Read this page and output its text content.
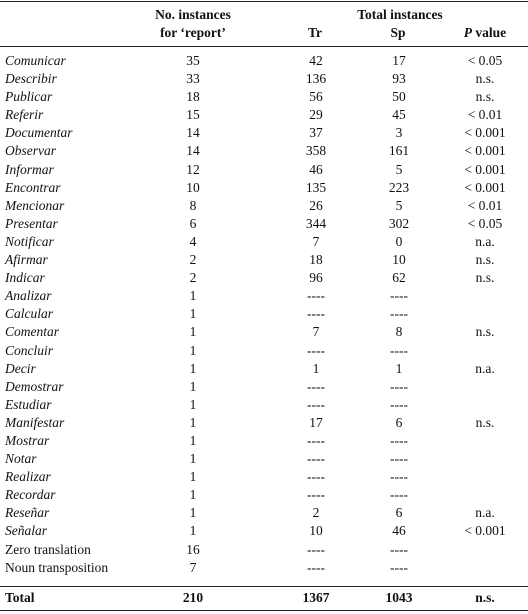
No. instances
for ‘report’
Total instances
Tr	Sp	P value
Comunicar	35	42	17	< 0.05
Describir	33	136	93	n.s.
Publicar	18	56	50	n.s.
Referir	15	29	45	< 0.01
Documentar	14	37	3	< 0.001
Observar	14	358	161	< 0.001
Informar	12	46	5	< 0.001
Encontrar	10	135	223	< 0.001
Mencionar	8	26	5	< 0.01
Presentar	6	344	302	< 0.05
Notificar	4	7	0	n.a.
Afirmar	2	18	10	n.s.
Indicar	2	96	62	n.s.
Analizar	1	----	----
Calcular	1	----	----
Comentar	1	7	8	n.s.
Concluir	1	----	----
Decir	1	1	1	n.a.
Demostrar	1	----	----
Estudiar	1	----	----
Manifestar	1	17	6	n.s.
Mostrar	1	----	----
Notar	1	----	----
Realizar	1	----	----
Recordar	1	----	----
Reseñar	1	2	6	n.a.
Señalar	1	10	46	< 0.001
Zero translation	16	----	----
Noun transposition	7	----	----
Total	210	1367	1043	n.s.
